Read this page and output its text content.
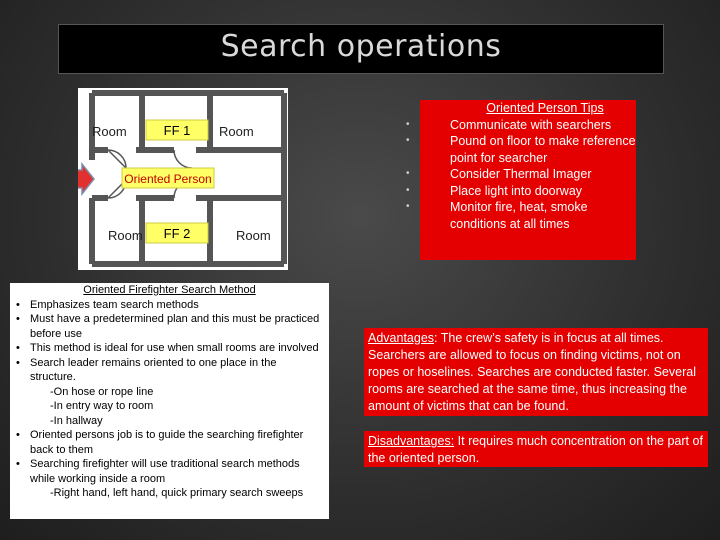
Search operations
Room	Room
Room	Room
FF 1
FF 2
Oriented Person
Oriented Person Tips
• Communicate with searchers
• Pound on floor to make reference point for searcher
• Consider Thermal Imager
• Place light into doorway
• Monitor fire, heat, smoke conditions at all times
Oriented Firefighter Search Method
• Emphasizes team search methods
• Must have a predetermined plan and this must be practiced before use
• This method is ideal for use when small rooms are involved
• Search leader remains oriented to one place in the structure.
-On hose or rope line
-In entry way to room
-In hallway
• Oriented persons job is to guide the searching firefighter back to them
• Searching firefighter will use traditional search methods while working inside a room
-Right hand, left hand, quick primary search sweeps
Advantages: The crew’s safety is in focus at all times. Searchers are allowed to focus on finding victims, not on ropes or hoselines. Searches are conducted faster. Several rooms are searched at the same time, thus increasing the amount of victims that can be found.
Disadvantages: It requires much concentration on the part of the oriented person.
